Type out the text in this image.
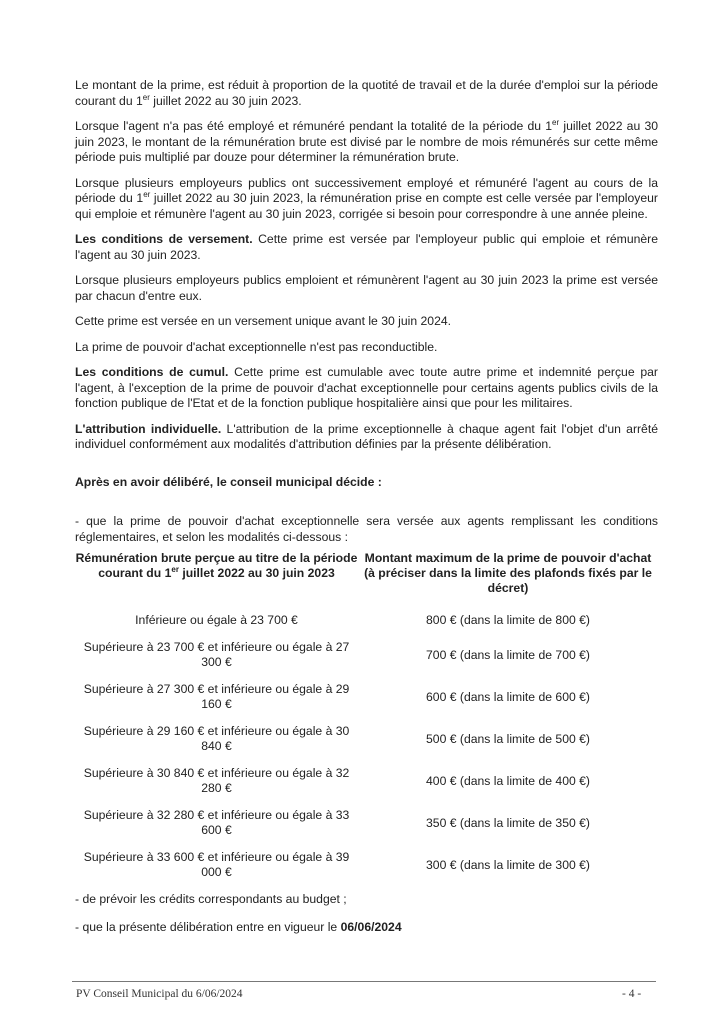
Le montant de la prime, est réduit à proportion de la quotité de travail et de la durée d'emploi sur la période courant du 1er juillet 2022 au 30 juin 2023.

Lorsque l'agent n'a pas été employé et rémunéré pendant la totalité de la période du 1er juillet 2022 au 30 juin 2023, le montant de la rémunération brute est divisé par le nombre de mois rémunérés sur cette même période puis multiplié par douze pour déterminer la rémunération brute.

Lorsque plusieurs employeurs publics ont successivement employé et rémunéré l'agent au cours de la période du 1er juillet 2022 au 30 juin 2023, la rémunération prise en compte est celle versée par l'employeur qui emploie et rémunère l'agent au 30 juin 2023, corrigée si besoin pour correspondre à une année pleine.

Les conditions de versement. Cette prime est versée par l'employeur public qui emploie et rémunère l'agent au 30 juin 2023.

Lorsque plusieurs employeurs publics emploient et rémunèrent l'agent au 30 juin 2023 la prime est versée par chacun d'entre eux.

Cette prime est versée en un versement unique avant le 30 juin 2024.

La prime de pouvoir d'achat exceptionnelle n'est pas reconductible.

Les conditions de cumul. Cette prime est cumulable avec toute autre prime et indemnité perçue par l'agent, à l'exception de la prime de pouvoir d'achat exceptionnelle pour certains agents publics civils de la fonction publique de l'Etat et de la fonction publique hospitalière ainsi que pour les militaires.

L'attribution individuelle. L'attribution de la prime exceptionnelle à chaque agent fait l'objet d'un arrêté individuel conformément aux modalités d'attribution définies par la présente délibération.

Après en avoir délibéré, le conseil municipal décide :

- que la prime de pouvoir d'achat exceptionnelle sera versée aux agents remplissant les conditions réglementaires, et selon les modalités ci-dessous :

Rémunération brute perçue au titre de la période courant du 1er juillet 2022 au 30 juin 2023	Montant maximum de la prime de pouvoir d'achat (à préciser dans la limite des plafonds fixés par le décret)
Inférieure ou égale à 23 700 €	800 € (dans la limite de 800 €)
Supérieure à 23 700 € et inférieure ou égale à 27 300 €	700 € (dans la limite de 700 €)
Supérieure à 27 300 € et inférieure ou égale à 29 160 €	600 € (dans la limite de 600 €)
Supérieure à 29 160 € et inférieure ou égale à 30 840 €	500 € (dans la limite de 500 €)
Supérieure à 30 840 € et inférieure ou égale à 32 280 €	400 € (dans la limite de 400 €)
Supérieure à 32 280 € et inférieure ou égale à 33 600 €	350 € (dans la limite de 350 €)
Supérieure à 33 600 € et inférieure ou égale à 39 000 €	300 € (dans la limite de 300 €)

- de prévoir les crédits correspondants au budget ;

- que la présente délibération entre en vigueur le 06/06/2024

PV Conseil Municipal du 6/06/2024	- 4 -
